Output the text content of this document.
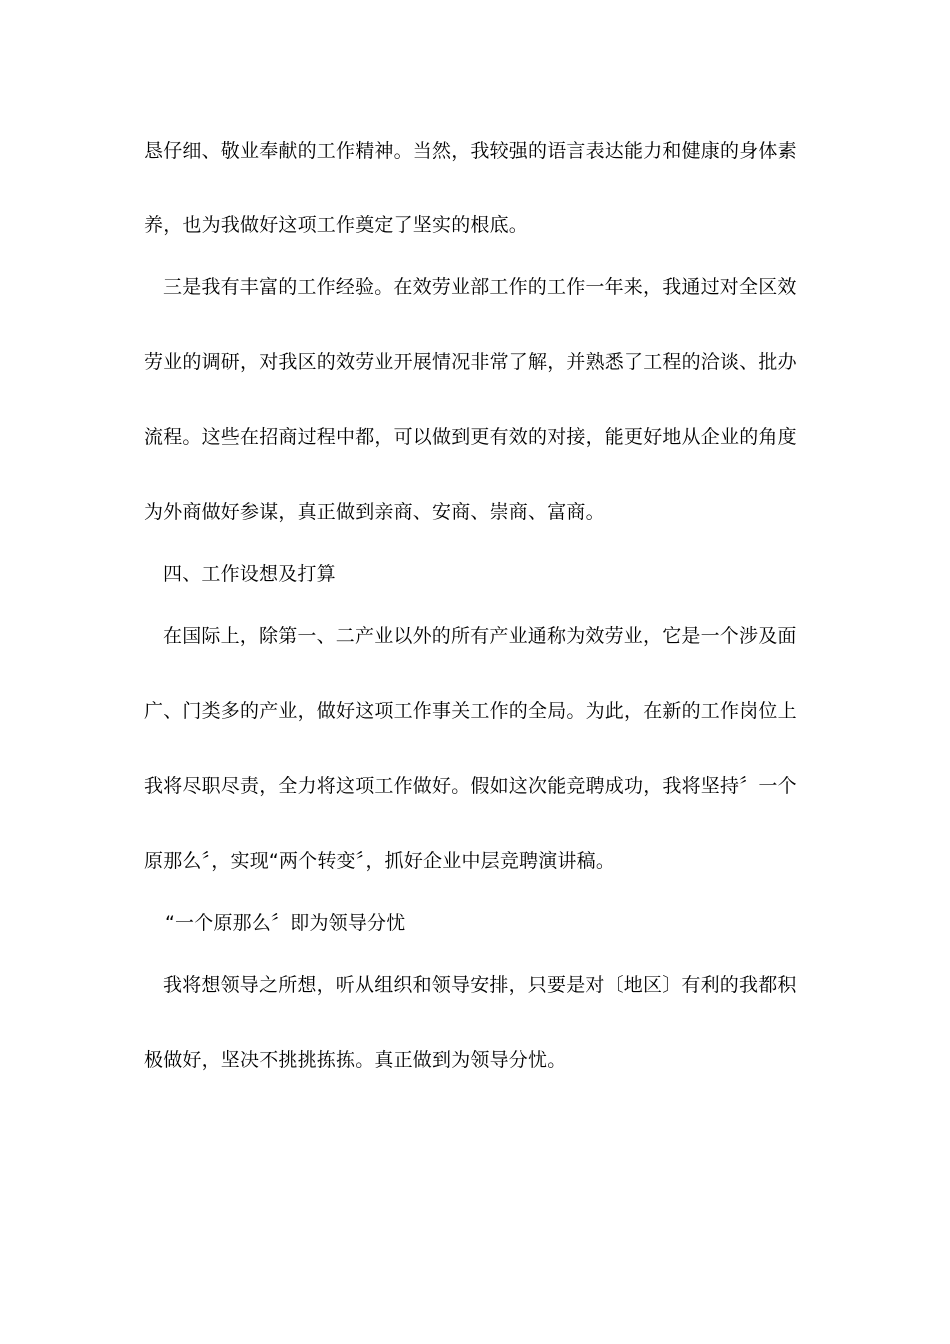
恳仔细、敬业奉献的工作精神。当然，我较强的语言表达能力和健康的身体素
养，也为我做好这项工作奠定了坚实的根底。
三是我有丰富的工作经验。在效劳业部工作的工作一年来，我通过对全区效
劳业的调研，对我区的效劳业开展情况非常了解，并熟悉了工程的洽谈、批办
流程。这些在招商过程中都，可以做到更有效的对接，能更好地从企业的角度
为外商做好参谋，真正做到亲商、安商、崇商、富商。
四、工作设想及打算
在国际上，除第一、二产业以外的所有产业通称为效劳业，它是一个涉及面
广、门类多的产业，做好这项工作事关工作的全局。为此，在新的工作岗位上
我将尽职尽责，全力将这项工作做好。假如这次能竞聘成功，我将坚持〞一个
原那么〞，实现“两个转变〞，抓好企业中层竞聘演讲稿。
“一个原那么〞即为领导分忧
我将想领导之所想，听从组织和领导安排，只要是对〔地区〕有利的我都积
极做好，坚决不挑挑拣拣。真正做到为领导分忧。
